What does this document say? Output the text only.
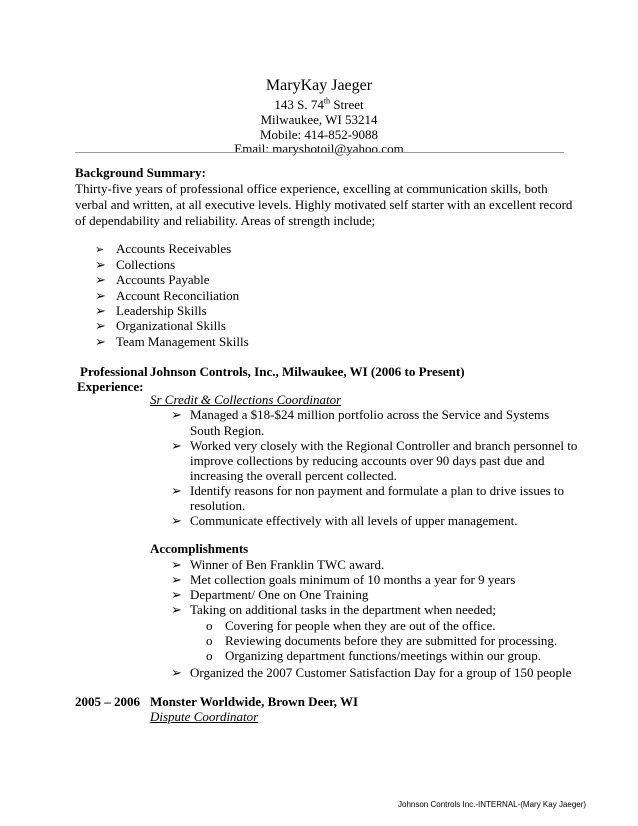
MaryKay Jaeger
143 S. 74th Street
Milwaukee, WI 53214
Mobile: 414-852-9088
Email: maryshotoil@yahoo.com
Background Summary:
Thirty-five years of professional office experience, excelling at communication skills, both
verbal and written, at all executive levels. Highly motivated self starter with an excellent record
of dependability and reliability. Areas of strength include;
➢ Accounts Receivables
➢ Collections
➢ Accounts Payable
➢ Account Reconciliation
➢ Leadership Skills
➢ Organizational Skills
➢ Team Management Skills
Professional
Experience:
Johnson Controls, Inc., Milwaukee, WI (2006 to Present)
Sr Credit & Collections Coordinator
➢ Managed a $18-$24 million portfolio across the Service and Systems
South Region.
➢ Worked very closely with the Regional Controller and branch personnel to
improve collections by reducing accounts over 90 days past due and
increasing the overall percent collected.
➢ Identify reasons for non payment and formulate a plan to drive issues to
resolution.
➢ Communicate effectively with all levels of upper management.
Accomplishments
➢ Winner of Ben Franklin TWC award.
➢ Met collection goals minimum of 10 months a year for 9 years
➢ Department/ One on One Training
➢ Taking on additional tasks in the department when needed;
o Covering for people when they are out of the office.
o Reviewing documents before they are submitted for processing.
o Organizing department functions/meetings within our group.
➢ Organized the 2007 Customer Satisfaction Day for a group of 150 people
2005 – 2006 Monster Worldwide, Brown Deer, WI
Dispute Coordinator
Johnson Controls Inc.-INTERNAL-(Mary Kay Jaeger)
